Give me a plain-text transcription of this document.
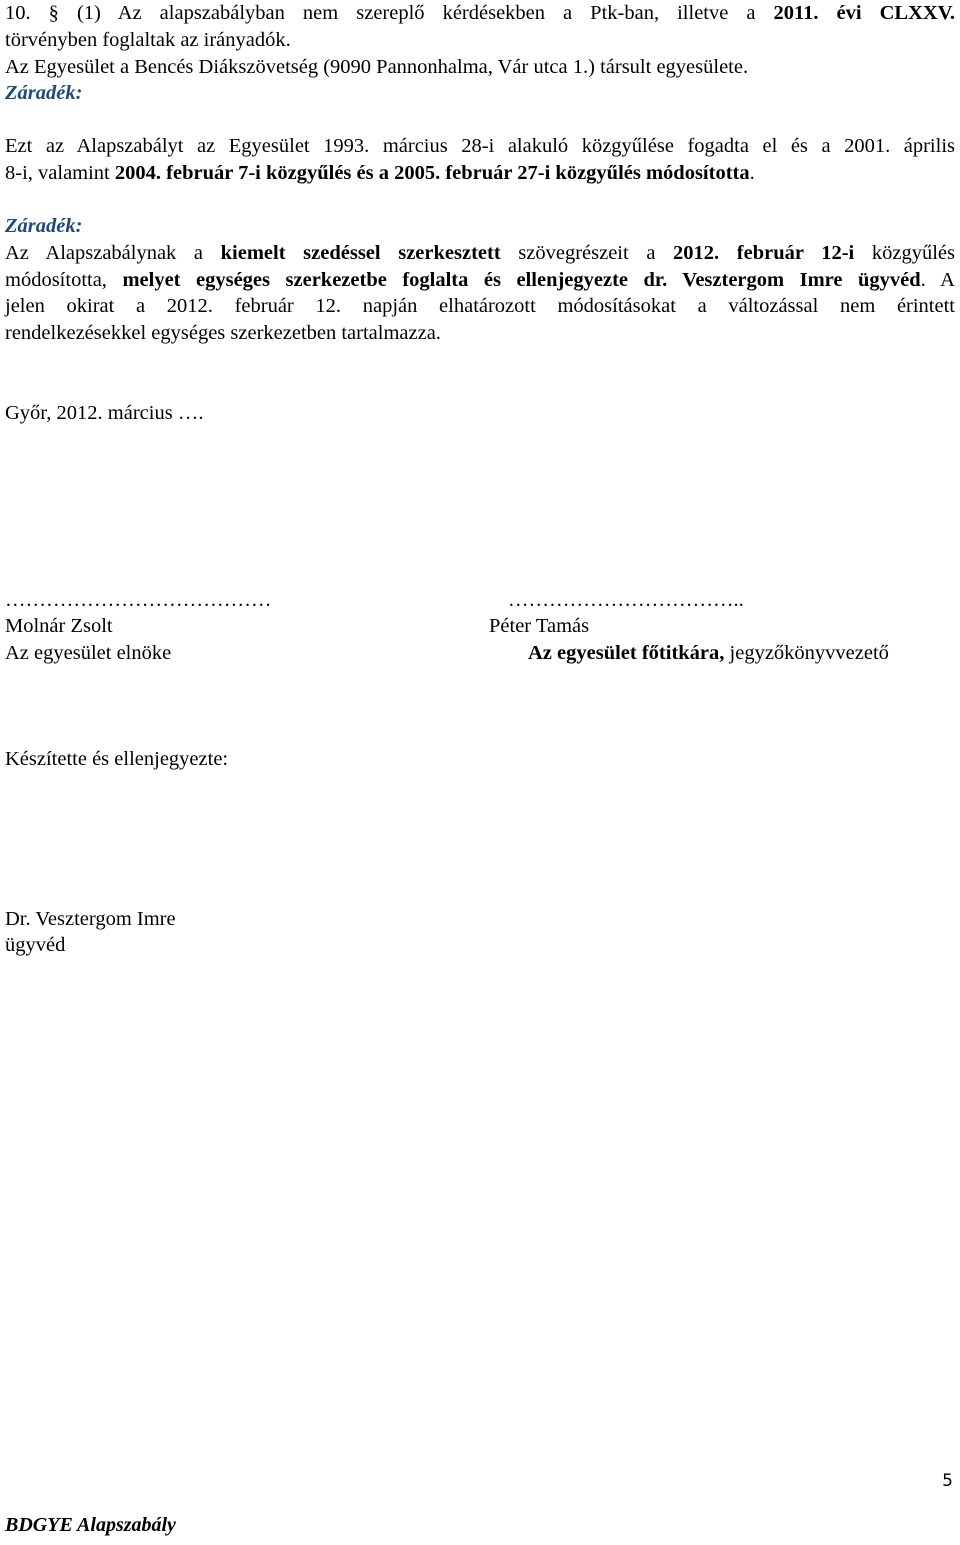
10. § (1) Az alapszabályban nem szereplő kérdésekben a Ptk-ban, illetve a 2011. évi CLXXV.
törvényben foglaltak az irányadók.
Az Egyesület a Bencés Diákszövetség (9090 Pannonhalma, Vár utca 1.) társult egyesülete.
Záradék:
Ezt az Alapszabályt az Egyesület 1993. március 28-i alakuló közgyűlése fogadta el és a 2001. április
8-i, valamint 2004. február 7-i közgyűlés és a 2005. február 27-i közgyűlés módosította.
Záradék:
Az Alapszabálynak a kiemelt szedéssel szerkesztett szövegrészeit a 2012. február 12-i közgyűlés
módosította, melyet egységes szerkezetbe foglalta és ellenjegyezte dr. Vesztergom Imre ügyvéd. A
jelen okirat a 2012. február 12. napján elhatározott módosításokat a változással nem érintett
rendelkezésekkel egységes szerkezetben tartalmazza.
Győr, 2012. március ….
…………………………………	……………………………..
Molnár Zsolt	Péter Tamás
Az egyesület elnöke	Az egyesület főtitkára, jegyzőkönyvvezető
Készítette és ellenjegyezte:
Dr. Vesztergom Imre
ügyvéd
5
BDGYE Alapszabály
